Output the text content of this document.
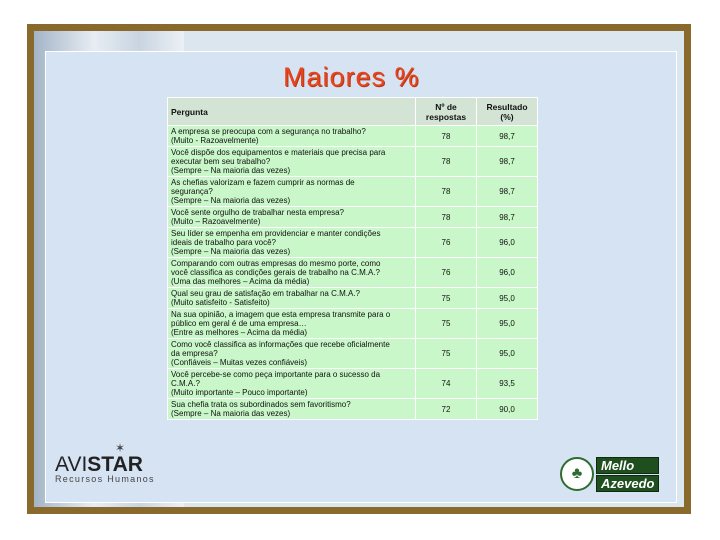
Maiores %
Pergunta	Nº de respostas	Resultado (%)

A empresa se preocupa com a segurança no trabalho?
(Muito - Razoavelmente)	78	98,7

Você dispõe dos equipamentos e materiais que precisa para
executar bem seu trabalho?
(Sempre – Na maioria das vezes)	78	98,7

As chefias valorizam e fazem cumprir as normas de
segurança?
(Sempre – Na maioria das vezes)	78	98,7

Você sente orgulho de trabalhar nesta empresa?
(Muito – Razoavelmente)	78	98,7

Seu líder se empenha em providenciar e manter condições
ideais de trabalho para você?
(Sempre – Na maioria das vezes)	76	96,0

Comparando com outras empresas do mesmo porte, como
você classifica as condições gerais de trabalho na C.M.A.?
(Uma das melhores – Acima da média)	76	96,0

Qual seu grau de satisfação em trabalhar na C.M.A.?
(Muito satisfeito - Satisfeito)	75	95,0

Na sua opinião, a imagem que esta empresa transmite para o
público em geral é de uma empresa…
(Entre as melhores – Acima da média)	75	95,0

Como você classifica as informações que recebe oficialmente
da empresa?
(Confiáveis – Muitas vezes confiáveis)	75	95,0

Você percebe-se como peça importante para o sucesso da
C.M.A.?
(Muito importante – Pouco importante)	74	93,5

Sua chefia trata os subordinados sem favoritismo?
(Sempre – Na maioria das vezes)	72	90,0
✶
AVISTAR
Recursos Humanos	♣	Mello
Azevedo
